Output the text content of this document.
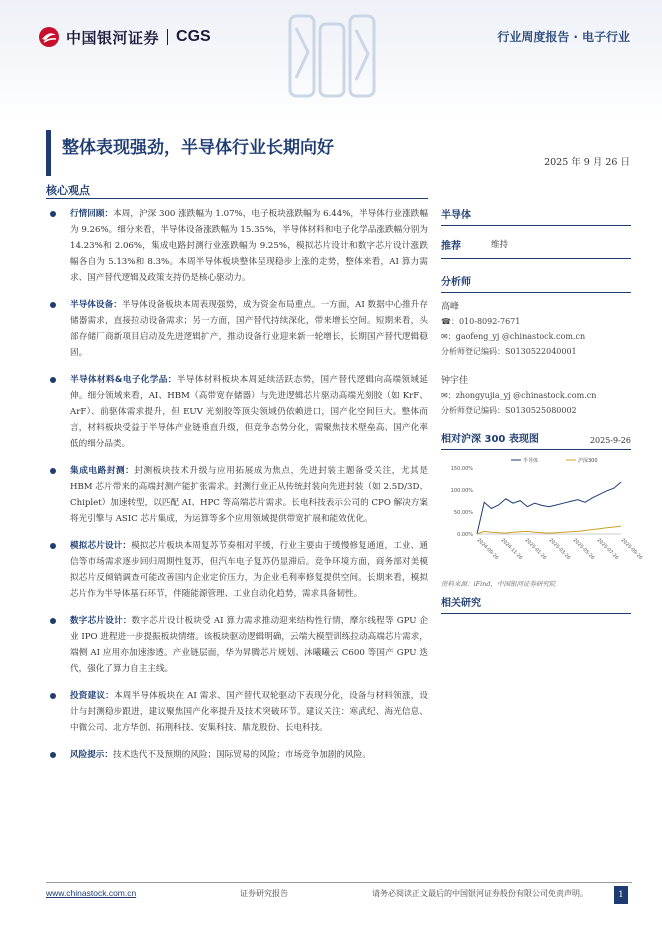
中国银河证券 CGS	行业周度报告 · 电子行业
整体表现强劲，半导体行业长期向好
2025 年 9 月 26 日
核心观点
行情回顾：本周，沪深 300 涨跌幅为 1.07%，电子板块涨跌幅为 6.44%，半导体行业涨跌幅为 9.26%。细分来看，半导体设备涨跌幅为 15.35%，半导体材料和电子化学品涨跌幅分别为 14.23%和 2.06%，集成电路封测行业涨跌幅为 9.25%，模拟芯片设计和数字芯片设计涨跌幅各自为 5.13%和 8.3%。本周半导体板块整体呈现稳步上涨的走势，整体来看，AI 算力需求、国产替代逻辑及政策支持仍是核心驱动力。
半导体设备：半导体设备板块本周表现强势，成为资金布局重点。一方面，AI 数据中心推升存储器需求，直接拉动设备需求；另一方面，国产替代持续深化，带来增长空间。短期来看，头部存储厂商新项目启动及先进逻辑扩产，推动设备行业迎来新一轮增长，长期国产替代逻辑稳固。
半导体材料&电子化学品：半导体材料板块本周延续活跃态势，国产替代逻辑向高端领域延伸。细分领域来看，AI、HBM（高带宽存储器）与先进逻辑芯片驱动高端光刻胶（如 KrF、ArF）、前驱体需求提升，但 EUV 光刻胶等顶尖领域仍依赖进口，国产化空间巨大。整体而言，材料板块受益于半导体产业链垂直升级，但竞争态势分化，需聚焦技术壁垒高、国产化率低的细分品类。
集成电路封测：封测板块技术升级与应用拓展成为焦点，先进封装主题备受关注，尤其是 HBM 芯片带来的高端封测产能扩张需求。封测行业正从传统封装向先进封装（如 2.5D/3D、Chiplet）加速转型，以匹配 AI、HPC 等高端芯片需求。长电科技表示公司的 CPO 解决方案将光引擎与 ASIC 芯片集成，为运算等多个应用领域提供带宽扩展和能效优化。
模拟芯片设计：模拟芯片板块本周复苏节奏相对平缓，行业主要由于缓慢修复通道，工业、通信等市场需求逐步回归周期性复苏，但汽车电子复苏仍显滞后。竞争环境方面，商务部对美模拟芯片反倾销调查可能改善国内企业定价压力，为企业毛利率修复提供空间。长期来看，模拟芯片作为半导体基石环节，伴随能源管理、工业自动化趋势，需求具备韧性。
数字芯片设计：数字芯片设计板块受 AI 算力需求推动迎来结构性行情，摩尔线程等 GPU 企业 IPO 进程进一步提振板块情绪。该板块驱动逻辑明确，云端大模型训练拉动高端芯片需求，端侧 AI 应用亦加速渗透。产业链层面，华为昇腾芯片规划、沐曦曦云 C600 等国产 GPU 迭代，强化了算力自主主线。
投资建议：本周半导体板块在 AI 需求、国产替代双轮驱动下表现分化，设备与材料领涨，设计与封测稳步跟进，建议聚焦国产化率提升及技术突破环节。建议关注：寒武纪、海光信息、中微公司、北方华创、拓荆科技、安集科技、鼎龙股份、长电科技。
风险提示：技术迭代不及预期的风险；国际贸易的风险；市场竞争加剧的风险。
半导体
推荐	维持
分析师
高峰
☎：010-8092-7671
✉：gaofeng_yj @chinastock.com.cn
分析师登记编码：S0130522040001
钟宇佳
✉：zhongyujia_yj @chinastock.com.cn
分析师登记编码：S0130525080002
相对沪深 300 表现图	2025-9-26
150.00%
100.00%
50.00%
0.00%
2024-09-26 2024-11-26 2025-01-26 2025-03-26 2025-05-26 2025-07-26 2025-09-26
半导体	沪深300
资料来源：iFind，中国银河证券研究院
相关研究
www.chinastock.com.cn	证券研究报告	请务必阅读正文最后的中国银河证券股份有限公司免责声明。	1
